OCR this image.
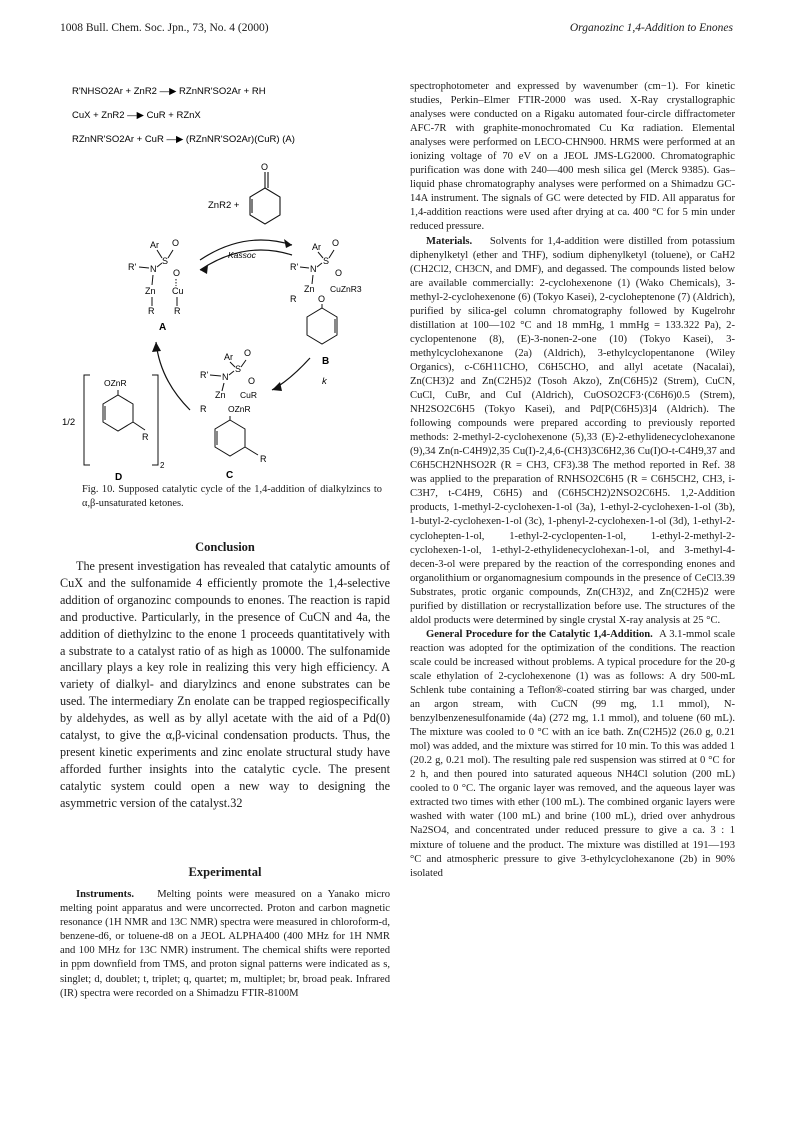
1008 Bull. Chem. Soc. Jpn., 73, No. 4 (2000)	Organozinc 1,4-Addition to Enones
R'NHSO2Ar + ZnR2 —▶ RZnNR'SO2Ar + RH
CuX + ZnR2 —▶ CuR + RZnX
RZnNR'SO2Ar + CuR —▶ (RZnNR'SO2Ar)(CuR) (A)
ZnR2 +
O
Kassoc
Ar O
R' N
S
O
Zn Cu
R R
A
Ar O
R' N
S
O
Zn
R O
CuZnR3
B
k
Ar O
R' N
S
O
Zn
R
CuR
OZnR
R
C
1/2
OZnR
R
2
D
Fig. 10. Supposed catalytic cycle of the 1,4-addition of dialkylzincs to α,β-unsaturated ketones.
Conclusion

The present investigation has revealed that catalytic amounts of CuX and the sulfonamide 4 efficiently promote the 1,4-selective addition of organozinc compounds to enones. The reaction is rapid and productive. Particularly, in the presence of CuCN and 4a, the addition of diethylzinc to the enone 1 proceeds quantitatively with a substrate to a catalyst ratio of as high as 10000. The sulfonamide ancillary plays a key role in realizing this very high efficiency. A variety of dialkyl- and diarylzincs and enone substrates can be used. The intermediary Zn enolate can be trapped regiospecifically by aldehydes, as well as by allyl acetate with the aid of a Pd(0) catalyst, to give the α,β-vicinal condensation products. Thus, the present kinetic experiments and zinc enolate structural study have afforded further insights into the catalytic cycle. The present catalytic system could open a new way to designing the asymmetric version of the catalyst.32

Experimental

Instruments. Melting points were measured on a Yanako micro melting point apparatus and were uncorrected. Proton and carbon magnetic resonance (1H NMR and 13C NMR) spectra were measured in chloroform-d, benzene-d6, or toluene-d8 on a JEOL ALPHA400 (400 MHz for 1H NMR and 100 MHz for 13C NMR) instrument. The chemical shifts were reported in ppm downfield from TMS, and proton signal patterns were indicated as s, singlet; d, doublet; t, triplet; q, quartet; m, multiplet; br, broad peak. Infrared (IR) spectra were recorded on a Shimadzu FTIR-8100M

spectrophotometer and expressed by wavenumber (cm−1). For kinetic studies, Perkin–Elmer FTIR-2000 was used. X-Ray crystallographic analyses were conducted on a Rigaku automated four-circle diffractometer AFC-7R with graphite-monochromated Cu Kα radiation. Elemental analyses were performed on LECO-CHN900. HRMS were performed at an ionizing voltage of 70 eV on a JEOL JMS-LG2000. Chromatographic purification was done with 240—400 mesh silica gel (Merck 9385). Gas–liquid phase chromatography analyses were performed on a Shimadzu GC-14A instrument. The signals of GC were detected by FID. All apparatus for 1,4-addition reactions were used after drying at ca. 400 °C for 5 min under reduced pressure.

Materials. Solvents for 1,4-addition were distilled from potassium diphenylketyl (ether and THF), sodium diphenylketyl (toluene), or CaH2 (CH2Cl2, CH3CN, and DMF), and degassed. The compounds listed below are available commercially: 2-cyclohexenone (1) (Wako Chemicals), 3-methyl-2-cyclohexenone (6) (Tokyo Kasei), 2-cycloheptenone (7) (Aldrich), purified by silica-gel column chromatography followed by Kugelrohr distillation at 100—102 °C and 18 mmHg, 1 mmHg = 133.322 Pa), 2-cyclopentenone (8), (E)-3-nonen-2-one (10) (Tokyo Kasei), 3-methylcyclohexanone (2a) (Aldrich), 3-ethylcyclopentanone (Wiley Organics), c-C6H11CHO, C6H5CHO, and allyl acetate (Nacalai), Zn(CH3)2 and Zn(C2H5)2 (Tosoh Akzo), Zn(C6H5)2 (Strem), CuCN, CuCl, CuBr, and CuI (Aldrich), CuOSO2CF3·(C6H6)0.5 (Strem), NH2SO2C6H5 (Tokyo Kasei), and Pd[P(C6H5)3]4 (Aldrich). The following compounds were prepared according to previously reported methods: 2-methyl-2-cyclohexenone (5),33 (E)-2-ethylidenecyclohexanone (9),34 Zn(n-C4H9)2,35 Cu(I)-2,4,6-(CH3)3C6H2,36 Cu(I)O-t-C4H9,37 and C6H5CH2NHSO2R (R = CH3, CF3).38 The method reported in Ref. 38 was applied to the preparation of RNHSO2C6H5 (R = C6H5CH2, CH3, i-C3H7, t-C4H9, C6H5) and (C6H5CH2)2NSO2C6H5. 1,2-Addition products, 1-methyl-2-cyclohexen-1-ol (3a), 1-ethyl-2-cyclohexen-1-ol (3b), 1-butyl-2-cyclohexen-1-ol (3c), 1-phenyl-2-cyclohexen-1-ol (3d), 1-ethyl-2-cyclohepten-1-ol, 1-ethyl-2-cyclopenten-1-ol, 1-ethyl-2-methyl-2-cyclohexen-1-ol, 1-ethyl-2-ethylidenecyclohexan-1-ol, and 3-methyl-4-decen-3-ol were prepared by the reaction of the corresponding enones and organolithium or organomagnesium compounds in the presence of CeCl3.39 Substrates, protic organic compounds, Zn(CH3)2, and Zn(C2H5)2 were purified by distillation or recrystallization before use. The structures of the aldol products were determined by single crystal X-ray analysis at 25 °C.

General Procedure for the Catalytic 1,4-Addition. A 3.1-mmol scale reaction was adopted for the optimization of the conditions. The reaction scale could be increased without problems. A typical procedure for the 20-g scale ethylation of 2-cyclohexenone (1) was as follows: A dry 500-mL Schlenk tube containing a Teflon®-coated stirring bar was charged, under an argon stream, with CuCN (99 mg, 1.1 mmol), N-benzylbenzenesulfonamide (4a) (272 mg, 1.1 mmol), and toluene (60 mL). The mixture was cooled to 0 °C with an ice bath. Zn(C2H5)2 (26.0 g, 0.21 mol) was added, and the mixture was stirred for 10 min. To this was added 1 (20.2 g, 0.21 mol). The resulting pale red suspension was stirred at 0 °C for 2 h, and then poured into saturated aqueous NH4Cl solution (200 mL) cooled to 0 °C. The organic layer was removed, and the aqueous layer was extracted two times with ether (100 mL). The combined organic layers were washed with water (100 mL) and brine (100 mL), dried over anhydrous Na2SO4, and concentrated under reduced pressure to give a ca. 3 : 1 mixture of toluene and the product. The mixture was distilled at 191—193 °C and atmospheric pressure to give 3-ethylcyclohexanone (2b) in 90% isolated
